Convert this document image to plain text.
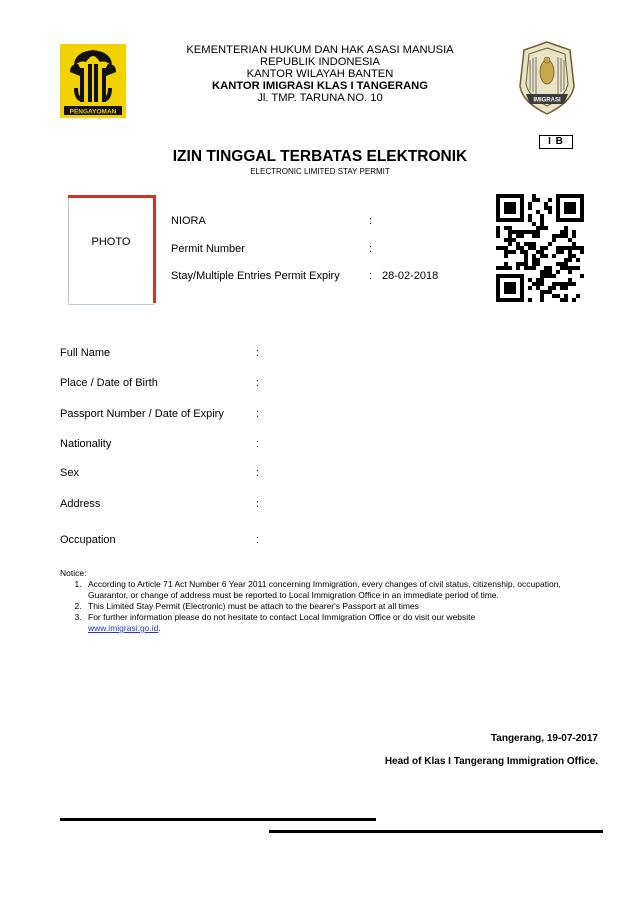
PENGAYOMAN
KEMENTERIAN HUKUM DAN HAK ASASI MANUSIA
REPUBLIK INDONESIA
KANTOR WILAYAH BANTEN
KANTOR IMIGRASI KLAS I TANGERANG
Jl. TMP. TARUNA NO. 10	IMIGRASI
I B
IZIN TINGGAL TERBATAS ELEKTRONIK
ELECTRONIC LIMITED STAY PERMIT
PHOTO
NIORA	:
Permit Number	:
Stay/Multiple Entries Permit Expiry	: 28-02-2018
Full Name	:
Place / Date of Birth	:
Passport Number / Date of Expiry	:
Nationality	:
Sex	:
Address	:
Occupation	:
Notice:
1. According to Article 71 Act Number 6 Year 2011 concerning Immigration, every changes of civil status, citizenship, occupation, Guarantor, or change of address must be reported to Local Immigration Office in an immediate period of time.
2. This Limited Stay Permit (Electronic) must be attach to the bearer's Passport at all times
3. For further information please do not hesitate to contact Local Immigration Office or do visit our website
www.imigrasi.go.id.
Tangerang, 19-07-2017
Head of Klas I Tangerang Immigration Office.
